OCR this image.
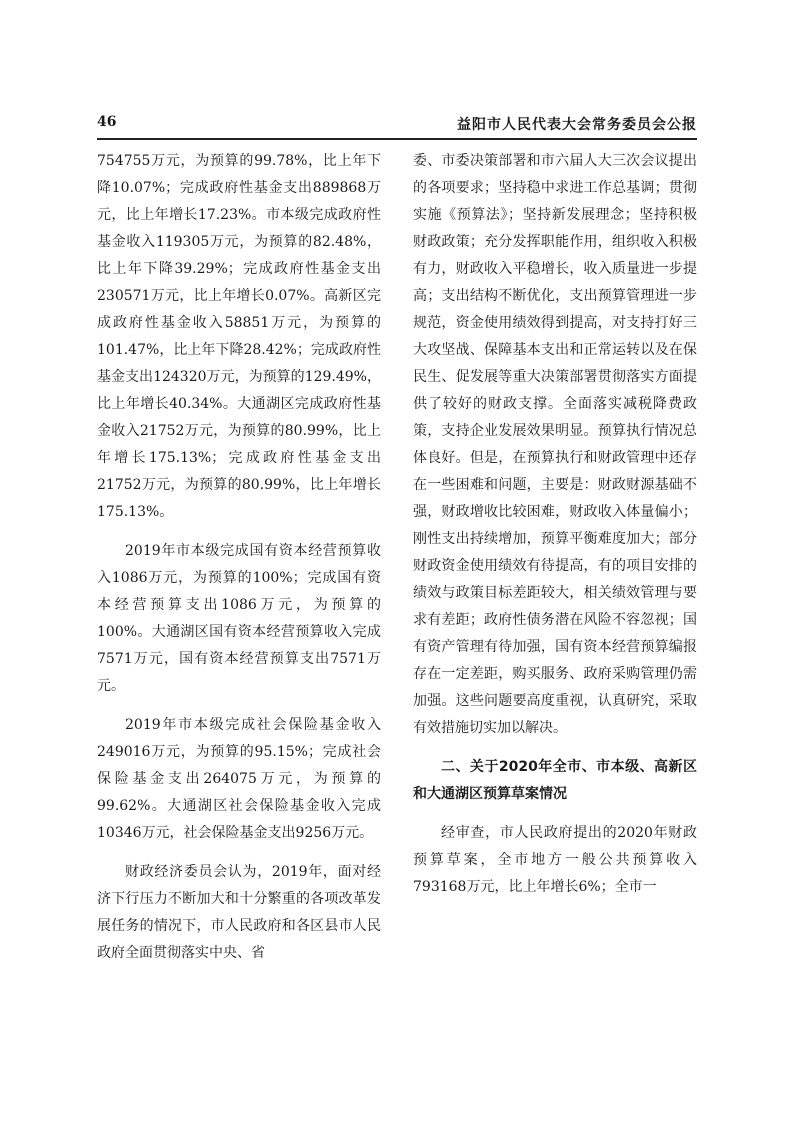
46	益阳市人民代表大会常务委员会公报

754755万元，为预算的99.78%，比上年下降10.07%；完成政府性基金支出889868万元，比上年增长17.23%。市本级完成政府性基金收入119305万元，为预算的82.48%，比上年下降39.29%；完成政府性基金支出230571万元，比上年增长0.07%。高新区完成政府性基金收入58851万元，为预算的101.47%，比上年下降28.42%；完成政府性基金支出124320万元，为预算的129.49%，比上年增长40.34%。大通湖区完成政府性基金收入21752万元，为预算的80.99%，比上年增长175.13%；完成政府性基金支出21752万元，为预算的80.99%，比上年增长175.13%。

2019年市本级完成国有资本经营预算收入1086万元，为预算的100%；完成国有资本经营预算支出1086万元，为预算的100%。大通湖区国有资本经营预算收入完成7571万元，国有资本经营预算支出7571万元。

2019年市本级完成社会保险基金收入249016万元，为预算的95.15%；完成社会保险基金支出264075万元，为预算的99.62%。大通湖区社会保险基金收入完成10346万元，社会保险基金支出9256万元。

财政经济委员会认为，2019年，面对经济下行压力不断加大和十分繁重的各项改革发展任务的情况下，市人民政府和各区县市人民政府全面贯彻落实中央、省

委、市委决策部署和市六届人大三次会议提出的各项要求；坚持稳中求进工作总基调；贯彻实施《预算法》；坚持新发展理念；坚持积极财政政策；充分发挥职能作用，组织收入积极有力，财政收入平稳增长，收入质量进一步提高；支出结构不断优化，支出预算管理进一步规范，资金使用绩效得到提高，对支持打好三大攻坚战、保障基本支出和正常运转以及在保民生、促发展等重大决策部署贯彻落实方面提供了较好的财政支撑。全面落实减税降费政策，支持企业发展效果明显。预算执行情况总体良好。但是，在预算执行和财政管理中还存在一些困难和问题，主要是：财政财源基础不强，财政增收比较困难，财政收入体量偏小；刚性支出持续增加，预算平衡难度加大；部分财政资金使用绩效有待提高，有的项目安排的绩效与政策目标差距较大，相关绩效管理与要求有差距；政府性债务潜在风险不容忽视；国有资产管理有待加强，国有资本经营预算编报存在一定差距，购买服务、政府采购管理仍需加强。这些问题要高度重视，认真研究，采取有效措施切实加以解决。

二、关于2020年全市、市本级、高新区和大通湖区预算草案情况

经审查，市人民政府提出的2020年财政预算草案，全市地方一般公共预算收入793168万元，比上年增长6%；全市一
